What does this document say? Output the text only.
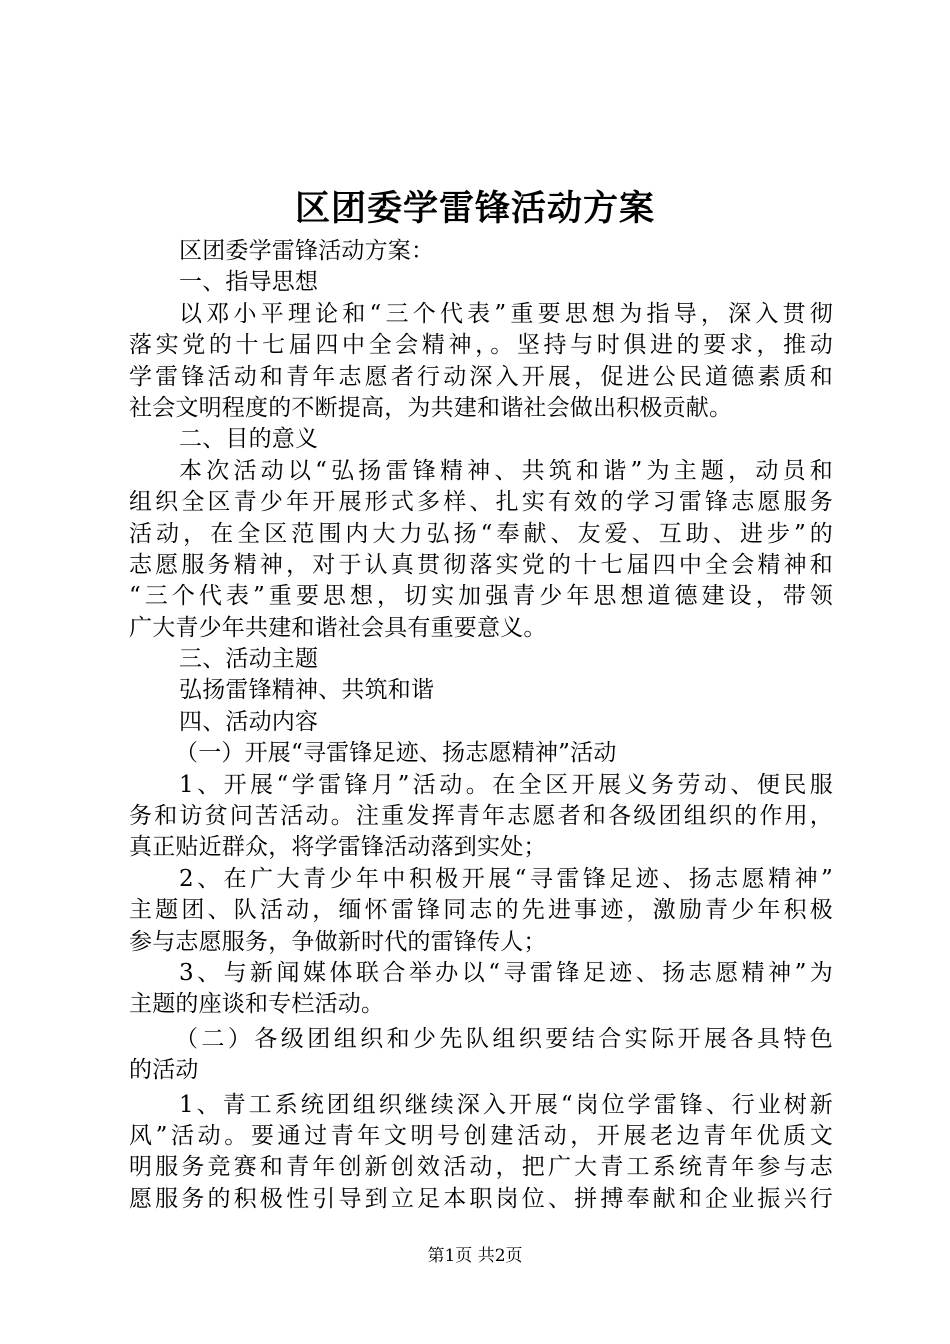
区团委学雷锋活动方案
区团委学雷锋活动方案：
一、指导思想
以邓小平理论和“三个代表”重要思想为指导，深入贯彻
落实党的十七届四中全会精神，。坚持与时俱进的要求，推动
学雷锋活动和青年志愿者行动深入开展，促进公民道德素质和
社会文明程度的不断提高，为共建和谐社会做出积极贡献。
二、目的意义
本次活动以“弘扬雷锋精神、共筑和谐”为主题，动员和
组织全区青少年开展形式多样、扎实有效的学习雷锋志愿服务
活动，在全区范围内大力弘扬“奉献、友爱、互助、进步”的
志愿服务精神，对于认真贯彻落实党的十七届四中全会精神和
“三个代表”重要思想，切实加强青少年思想道德建设，带领
广大青少年共建和谐社会具有重要意义。
三、活动主题
弘扬雷锋精神、共筑和谐
四、活动内容
（一）开展“寻雷锋足迹、扬志愿精神”活动
1、开展“学雷锋月”活动。在全区开展义务劳动、便民服
务和访贫问苦活动。注重发挥青年志愿者和各级团组织的作用，
真正贴近群众，将学雷锋活动落到实处；
2、在广大青少年中积极开展“寻雷锋足迹、扬志愿精神”
主题团、队活动，缅怀雷锋同志的先进事迹，激励青少年积极
参与志愿服务，争做新时代的雷锋传人；
3、与新闻媒体联合举办以“寻雷锋足迹、扬志愿精神”为
主题的座谈和专栏活动。
（二）各级团组织和少先队组织要结合实际开展各具特色
的活动
1、青工系统团组织继续深入开展“岗位学雷锋、行业树新
风”活动。要通过青年文明号创建活动，开展老边青年优质文
明服务竞赛和青年创新创效活动，把广大青工系统青年参与志
愿服务的积极性引导到立足本职岗位、拼搏奉献和企业振兴行
第1页 共2页
